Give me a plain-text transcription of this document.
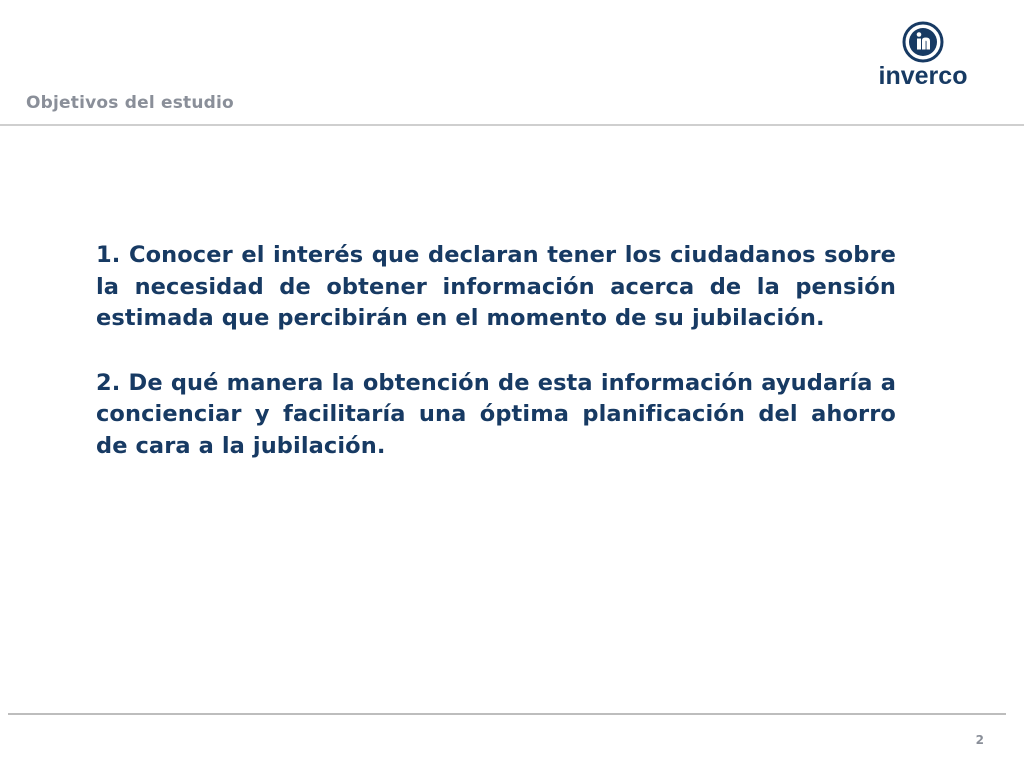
Objetivos del estudio
inverco

1. Conocer el interés que declaran tener los ciudadanos sobre la necesidad de obtener información acerca de la pensión estimada que percibirán en el momento de su jubilación.

2. De qué manera la obtención de esta información ayudaría a concienciar y facilitaría una óptima planificación del ahorro de cara a la jubilación.

2
